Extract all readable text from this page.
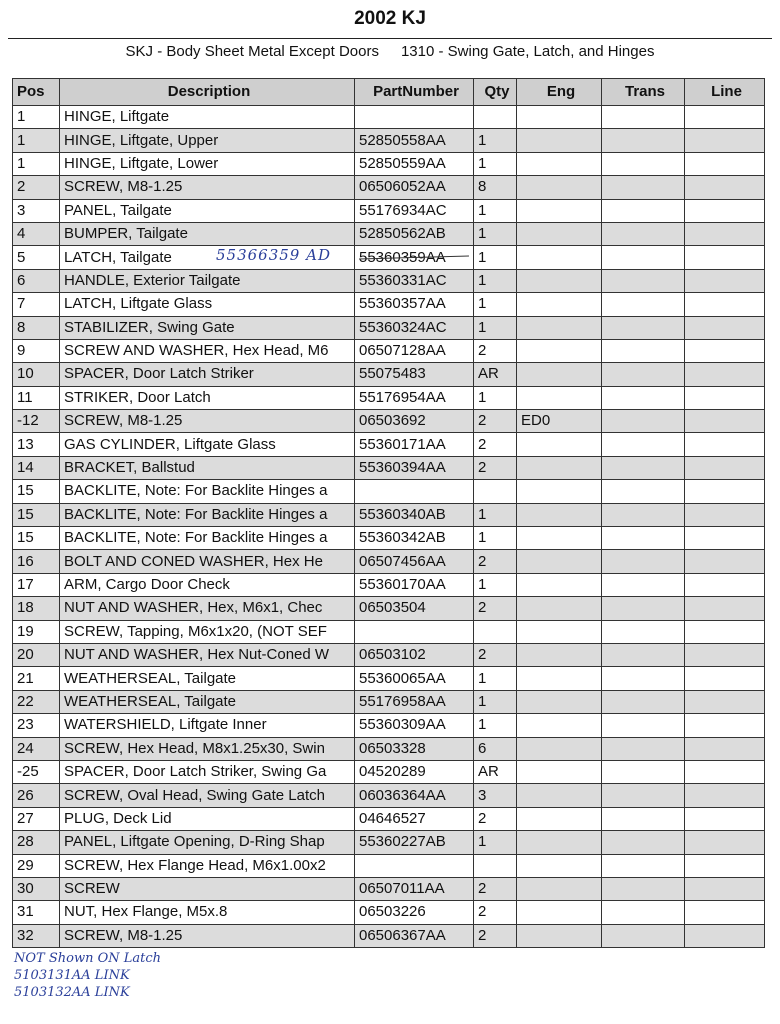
2002 KJ
SKJ - Body Sheet Metal Except Doors 1310 - Swing Gate, Latch, and Hinges
Pos	Description	PartNumber	Qty	Eng	Trans	Line
1	HINGE, Liftgate					
1	HINGE, Liftgate, Upper	52850558AA	1			
1	HINGE, Liftgate, Lower	52850559AA	1			
2	SCREW, M8-1.25	06506052AA	8			
3	PANEL, Tailgate	55176934AC	1			
4	BUMPER, Tailgate	52850562AB	1			
5	LATCH, Tailgate	55360359AA	1			
6	HANDLE, Exterior Tailgate	55360331AC	1			
7	LATCH, Liftgate Glass	55360357AA	1			
8	STABILIZER, Swing Gate	55360324AC	1			
9	SCREW AND WASHER, Hex Head, M6	06507128AA	2			
10	SPACER, Door Latch Striker	55075483	AR			
11	STRIKER, Door Latch	55176954AA	1			
-12	SCREW, M8-1.25	06503692	2	ED0		
13	GAS CYLINDER, Liftgate Glass	55360171AA	2			
14	BRACKET, Ballstud	55360394AA	2			
15	BACKLITE, Note: For Backlite Hinges a					
15	BACKLITE, Note: For Backlite Hinges a	55360340AB	1			
15	BACKLITE, Note: For Backlite Hinges a	55360342AB	1			
16	BOLT AND CONED WASHER, Hex He	06507456AA	2			
17	ARM, Cargo Door Check	55360170AA	1			
18	NUT AND WASHER, Hex, M6x1, Chec	06503504	2			
19	SCREW, Tapping, M6x1x20, (NOT SEF					
20	NUT AND WASHER, Hex Nut-Coned W	06503102	2			
21	WEATHERSEAL, Tailgate	55360065AA	1			
22	WEATHERSEAL, Tailgate	55176958AA	1			
23	WATERSHIELD, Liftgate Inner	55360309AA	1			
24	SCREW, Hex Head, M8x1.25x30, Swin	06503328	6			
-25	SPACER, Door Latch Striker, Swing Ga	04520289	AR			
26	SCREW, Oval Head, Swing Gate Latch	06036364AA	3			
27	PLUG, Deck Lid	04646527	2			
28	PANEL, Liftgate Opening, D-Ring Shap	55360227AB	1			
29	SCREW, Hex Flange Head, M6x1.00x2					
30	SCREW	06507011AA	2			
31	NUT, Hex Flange, M5x.8	06503226	2			
32	SCREW, M8-1.25	06506367AA	2			
55366359 AD
NOT Shown ON Latch
5103131AA LINK
5103132AA LINK
